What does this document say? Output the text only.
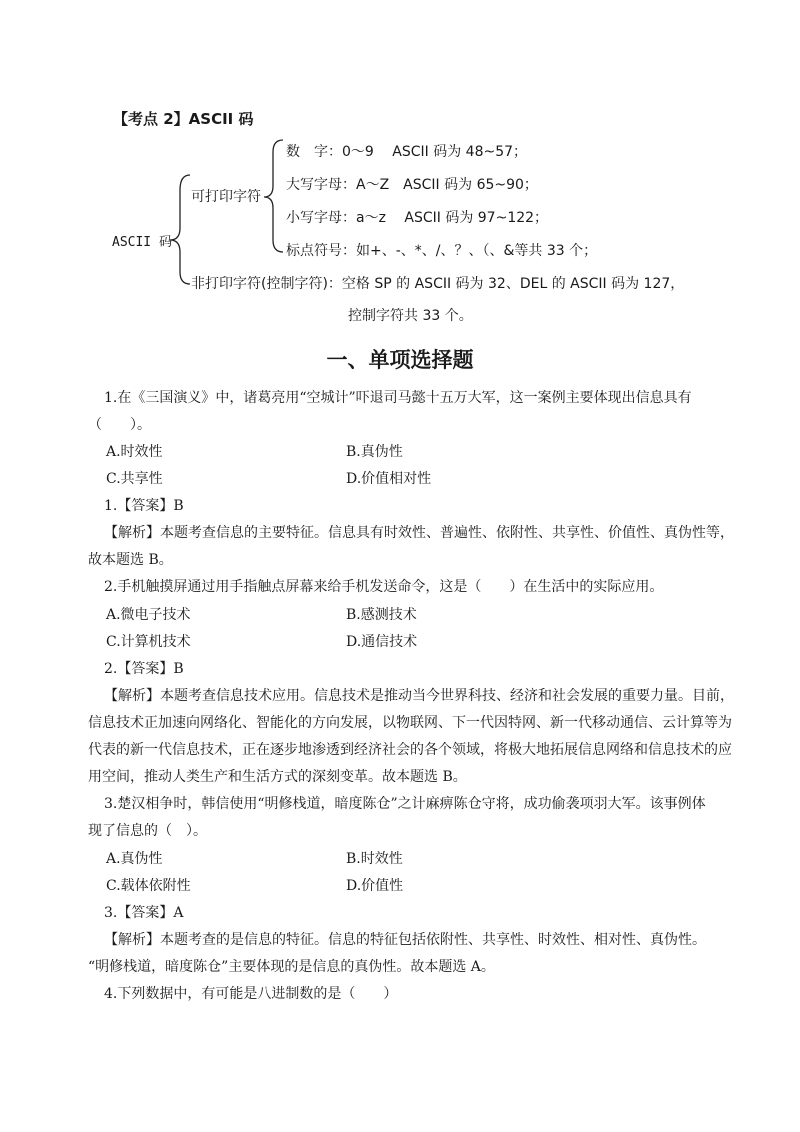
【考点 2】ASCII 码
ASCII 码
可打印字符
数　字：0～9　 ASCII 码为 48~57；
大写字母：A～Z　ASCII 码为 65~90；
小写字母：a～z　 ASCII 码为 97~122；
标点符号：如+、-、*、/、？、（、&等共 33 个；
非打印字符(控制字符)：空格 SP 的 ASCII 码为 32、DEL 的 ASCII 码为 127，
控制字符共 33 个。
一、单项选择题
1.在《三国演义》中，诸葛亮用“空城计”吓退司马懿十五万大军，这一案例主要体现出信息具有
（　　）。
A.时效性	B.真伪性
C.共享性	D.价值相对性
1.【答案】B
【解析】本题考查信息的主要特征。信息具有时效性、普遍性、依附性、共享性、价值性、真伪性等，
故本题选 B。
2.手机触摸屏通过用手指触点屏幕来给手机发送命令，这是（　　）在生活中的实际应用。
A.微电子技术	B.感测技术
C.计算机技术	D.通信技术
2.【答案】B
【解析】本题考查信息技术应用。信息技术是推动当今世界科技、经济和社会发展的重要力量。目前，
信息技术正加速向网络化、智能化的方向发展，以物联网、下一代因特网、新一代移动通信、云计算等为
代表的新一代信息技术，正在逐步地渗透到经济社会的各个领域，将极大地拓展信息网络和信息技术的应
用空间，推动人类生产和生活方式的深刻变革。故本题选 B。
3.楚汉相争时，韩信使用“明修栈道，暗度陈仓”之计麻痹陈仓守将，成功偷袭项羽大军。该事例体
现了信息的（　）。
A.真伪性	B.时效性
C.载体依附性	D.价值性
3.【答案】A
【解析】本题考查的是信息的特征。信息的特征包括依附性、共享性、时效性、相对性、真伪性。
“明修栈道，暗度陈仓”主要体现的是信息的真伪性。故本题选 A。
4.下列数据中，有可能是八进制数的是（　　）
